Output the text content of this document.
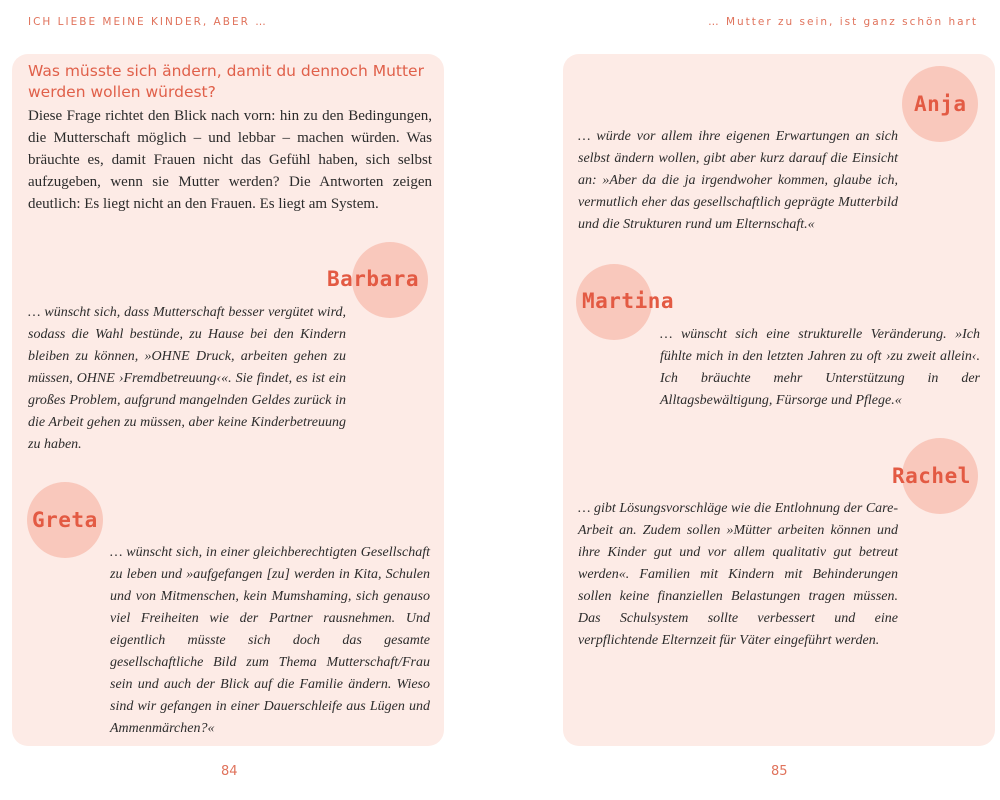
ICH LIEBE MEINE KINDER, ABER …	… Mutter zu sein, ist ganz schön hart
Was müsste sich ändern, damit du dennoch Mutter werden wollen würdest?

Diese Frage richtet den Blick nach vorn: hin zu den Bedingungen, die Mutterschaft möglich – und lebbar – machen würden. Was bräuchte es, damit Frauen nicht das Gefühl haben, sich selbst aufzugeben, wenn sie Mutter werden? Die Antworten zeigen deutlich: Es liegt nicht an den Frauen. Es liegt am System.

Barbara

… wünscht sich, dass Mutterschaft besser vergütet wird, sodass die Wahl bestünde, zu Hause bei den Kindern bleiben zu können, »OHNE Druck, arbeiten gehen zu müssen, OHNE ›Fremdbetreuung‹«. Sie findet, es ist ein großes Problem, aufgrund mangelnden Geldes zurück in die Arbeit gehen zu müssen, aber keine Kinderbetreuung zu haben.

Greta

… wünscht sich, in einer gleichberechtigten Gesellschaft zu leben und »aufgefangen [zu] werden in Kita, Schulen und von Mitmenschen, kein Mumshaming, sich genauso viel Freiheiten wie der Partner rausnehmen. Und eigentlich müsste sich doch das gesamte gesellschaftliche Bild zum Thema Mutterschaft/Frau sein und auch der Blick auf die Familie ändern. Wieso sind wir gefangen in einer Dauerschleife aus Lügen und Ammenmärchen?«

84
Anja

… würde vor allem ihre eigenen Erwartungen an sich selbst ändern wollen, gibt aber kurz darauf die Einsicht an: »Aber da die ja irgendwoher kommen, glaube ich, vermutlich eher das gesellschaftlich geprägte Mutterbild und die Strukturen rund um Elternschaft.«

Martina

… wünscht sich eine strukturelle Veränderung. »Ich fühlte mich in den letzten Jahren zu oft ›zu zweit allein‹. Ich bräuchte mehr Unterstützung in der Alltagsbewältigung, Fürsorge und Pflege.«

Rachel

… gibt Lösungsvorschläge wie die Entlohnung der Care-Arbeit an. Zudem sollen »Mütter arbeiten können und ihre Kinder gut und vor allem qualitativ gut betreut werden«. Familien mit Kindern mit Behinderungen sollen keine finanziellen Belastungen tragen müssen. Das Schulsystem sollte verbessert und eine verpflichtende Elternzeit für Väter eingeführt werden.

85
